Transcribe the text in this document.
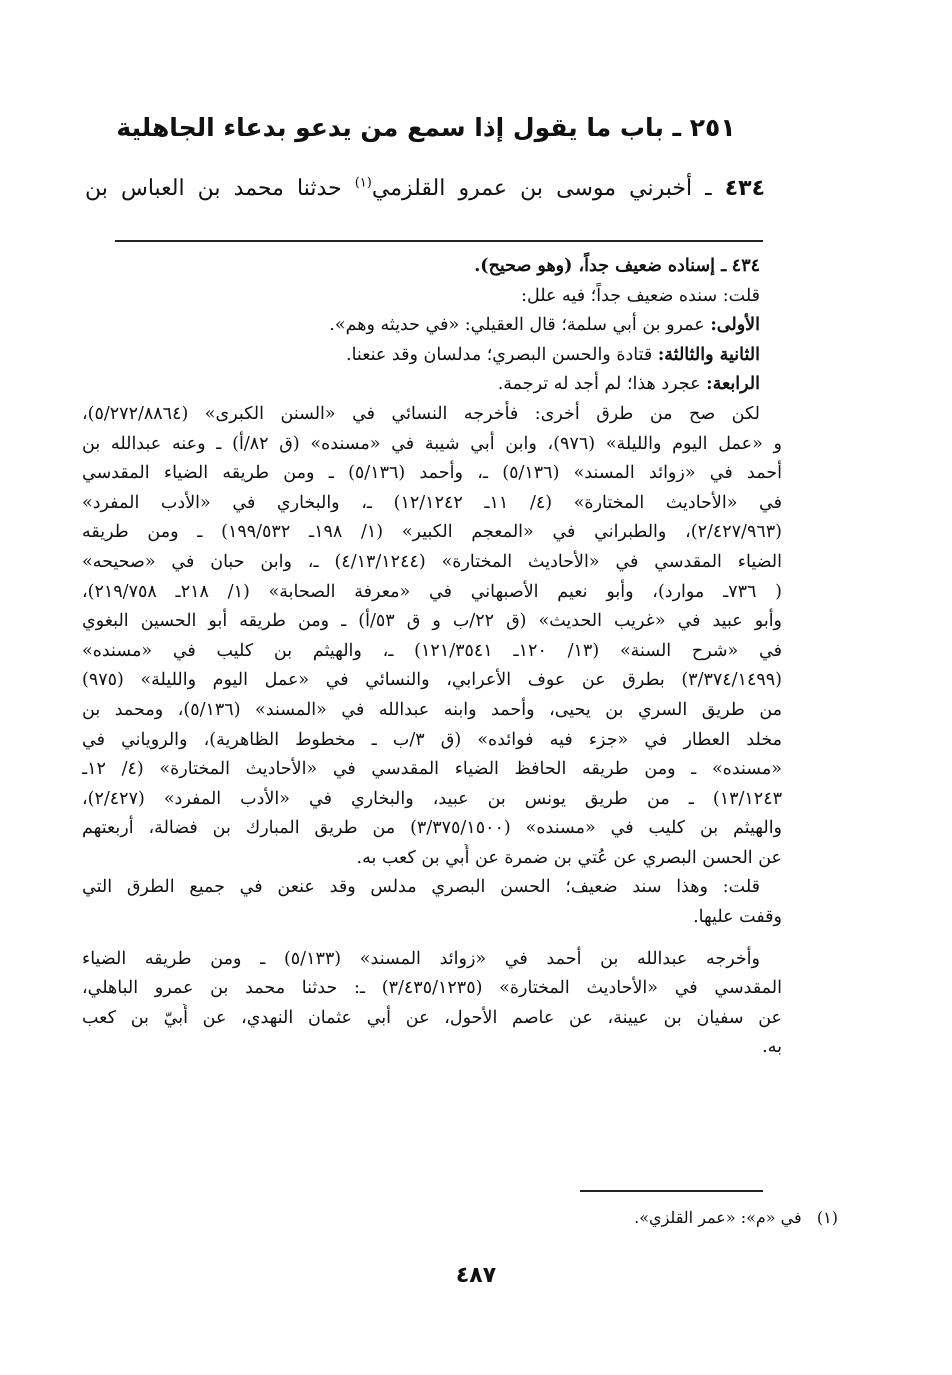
٢٥١ ـ باب ما يقول إذا سمع من يدعو بدعاء الجاهلية
٤٣٤ ـ أخبرني موسى بن عمرو القلزمي$^{(١)}$ حدثنا محمد بن العباس بن
٤٣٤ ـ إسناده ضعيف جداً، (وهو صحيح).
قلت: سنده ضعيف جداً؛ فيه علل:
الأولى: عمرو بن أبي سلمة؛ قال العقيلي: «في حديثه وهم».
الثانية والثالثة: قتادة والحسن البصري؛ مدلسان وقد عنعنا.
الرابعة: عجرد هذا؛ لم أجد له ترجمة.
لكن صح من طرق أخرى: فأخرجه النسائي في «السنن الكبرى» (٥/٢٧٢/٨٨٦٤)،
و «عمل اليوم والليلة» (٩٧٦)، وابن أبي شيبة في «مسنده» (ق ٨٢/أ) ـ وعنه عبدالله بن
أحمد في «زوائد المسند» (٥/١٣٦) ـ، وأحمد (٥/١٣٦) ـ ومن طريقه الضياء المقدسي
في «الأحاديث المختارة» (٤/ ١١ـ ١٢/١٢٤٢) ـ، والبخاري في «الأدب المفرد»
(٢/٤٢٧/٩٦٣)، والطبراني في «المعجم الكبير» (١/ ١٩٨ـ ١٩٩/٥٣٢) ـ ومن طريقه
الضياء المقدسي في «الأحاديث المختارة» (٤/١٣/١٢٤٤) ـ، وابن حبان في «صحيحه»
( ٧٣٦ـ موارد)، وأبو نعيم الأصبهاني في «معرفة الصحابة» (١/ ٢١٨ـ ٢١٩/٧٥٨)،
وأبو عبيد في «غريب الحديث» (ق ٢٢/ب و ق ٥٣/أ) ـ ومن طريقه أبو الحسين البغوي
في «شرح السنة» (١٣/ ١٢٠ـ ١٢١/٣٥٤١) ـ، والهيثم بن كليب في «مسنده»
(٣/٣٧٤/١٤٩٩) بطرق عن عوف الأعرابي، والنسائي في «عمل اليوم والليلة» (٩٧٥)
من طريق السري بن يحيى، وأحمد وابنه عبدالله في «المسند» (٥/١٣٦)، ومحمد بن
مخلد العطار في «جزء فيه فوائده» (ق ٣/ب ـ مخطوط الظاهرية)، والروياني في
«مسنده» ـ ومن طريقه الحافظ الضياء المقدسي في «الأحاديث المختارة» (٤/ ١٢ـ
١٣/١٢٤٣) ـ من طريق يونس بن عبيد، والبخاري في «الأدب المفرد» (٢/٤٢٧)،
والهيثم بن كليب في «مسنده» (٣/٣٧٥/١٥٠٠) من طريق المبارك بن فضالة، أربعتهم
عن الحسن البصري عن عُتي بن ضمرة عن أُبي بن كعب به.
قلت: وهذا سند ضعيف؛ الحسن البصري مدلس وقد عنعن في جميع الطرق التي
وقفت عليها.
وأخرجه عبدالله بن أحمد في «زوائد المسند» (٥/١٣٣) ـ ومن طريقه الضياء
المقدسي في «الأحاديث المختارة» (٣/٤٣٥/١٢٣٥) ـ: حدثنا محمد بن عمرو الباهلي،
عن سفيان بن عيينة، عن عاصم الأحول، عن أبي عثمان النهدي، عن أُبيّ بن كعب
به.
(١)   في «م»: «عمر القلزي».
٤٨٧
